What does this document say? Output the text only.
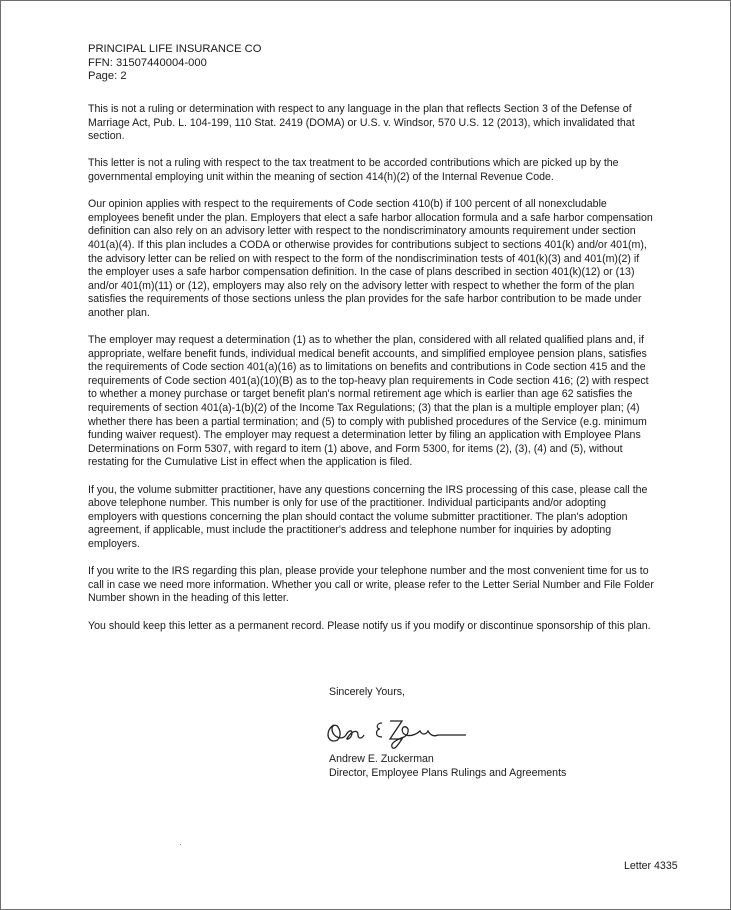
PRINCIPAL LIFE INSURANCE CO
FFN: 31507440004-000
Page: 2

This is not a ruling or determination with respect to any language in the plan that reflects Section 3 of the Defense of Marriage Act, Pub. L. 104-199, 110 Stat. 2419 (DOMA) or U.S. v. Windsor, 570 U.S. 12 (2013), which invalidated that section.

This letter is not a ruling with respect to the tax treatment to be accorded contributions which are picked up by the governmental employing unit within the meaning of section 414(h)(2) of the Internal Revenue Code.

Our opinion applies with respect to the requirements of Code section 410(b) if 100 percent of all nonexcludable employees benefit under the plan. Employers that elect a safe harbor allocation formula and a safe harbor compensation definition can also rely on an advisory letter with respect to the nondiscriminatory amounts requirement under section 401(a)(4). If this plan includes a CODA or otherwise provides for contributions subject to sections 401(k) and/or 401(m), the advisory letter can be relied on with respect to the form of the nondiscrimination tests of 401(k)(3) and 401(m)(2) if the employer uses a safe harbor compensation definition. In the case of plans described in section 401(k)(12) or (13) and/or 401(m)(11) or (12), employers may also rely on the advisory letter with respect to whether the form of the plan satisfies the requirements of those sections unless the plan provides for the safe harbor contribution to be made under another plan.

The employer may request a determination (1) as to whether the plan, considered with all related qualified plans and, if appropriate, welfare benefit funds, individual medical benefit accounts, and simplified employee pension plans, satisfies the requirements of Code section 401(a)(16) as to limitations on benefits and contributions in Code section 415 and the requirements of Code section 401(a)(10)(B) as to the top-heavy plan requirements in Code section 416; (2) with respect to whether a money purchase or target benefit plan's normal retirement age which is earlier than age 62 satisfies the requirements of section 401(a)-1(b)(2) of the Income Tax Regulations; (3) that the plan is a multiple employer plan; (4) whether there has been a partial termination; and (5) to comply with published procedures of the Service (e.g. minimum funding waiver request). The employer may request a determination letter by filing an application with Employee Plans Determinations on Form 5307, with regard to item (1) above, and Form 5300, for items (2), (3), (4) and (5), without restating for the Cumulative List in effect when the application is filed.

If you, the volume submitter practitioner, have any questions concerning the IRS processing of this case, please call the above telephone number. This number is only for use of the practitioner. Individual participants and/or adopting employers with questions concerning the plan should contact the volume submitter practitioner. The plan's adoption agreement, if applicable, must include the practitioner's address and telephone number for inquiries by adopting employers.

If you write to the IRS regarding this plan, please provide your telephone number and the most convenient time for us to call in case we need more information. Whether you call or write, please refer to the Letter Serial Number and File Folder Number shown in the heading of this letter.

You should keep this letter as a permanent record. Please notify us if you modify or discontinue sponsorship of this plan.

Sincerely Yours,
Andrew E. Zuckerman
Director, Employee Plans Rulings and Agreements
Letter 4335
